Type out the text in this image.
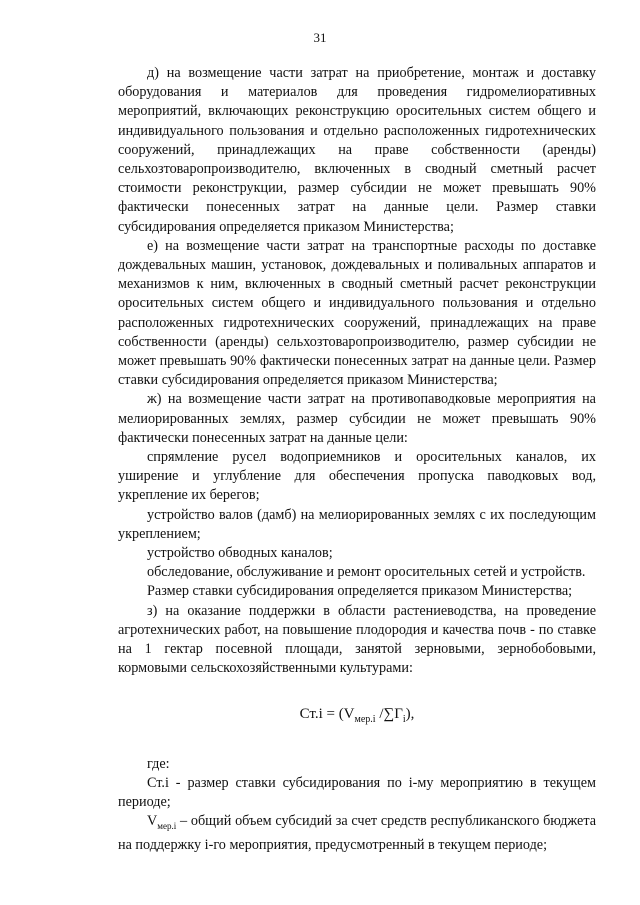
31

д) на возмещение части затрат на приобретение, монтаж и доставку оборудования и материалов для проведения гидромелиоративных мероприятий, включающих реконструкцию оросительных систем общего и индивидуального пользования и отдельно расположенных гидротехнических сооружений, принадлежащих на праве собственности (аренды) сельхозтоваропроизводителю, включенных в сводный сметный расчет стоимости реконструкции, размер субсидии не может превышать 90% фактически понесенных затрат на данные цели. Размер ставки субсидирования определяется приказом Министерства;

е) на возмещение части затрат на транспортные расходы по доставке дождевальных машин, установок, дождевальных и поливальных аппаратов и механизмов к ним, включенных в сводный сметный расчет реконструкции оросительных систем общего и индивидуального пользования и отдельно расположенных гидротехнических сооружений, принадлежащих на праве собственности (аренды) сельхозтоваропроизводителю, размер субсидии не может превышать 90% фактически понесенных затрат на данные цели. Размер ставки субсидирования определяется приказом Министерства;

ж) на возмещение части затрат на противопаводковые мероприятия на мелиорированных землях, размер субсидии не может превышать 90% фактически понесенных затрат на данные цели:

спрямление русел водоприемников и оросительных каналов, их уширение и углубление для обеспечения пропуска паводковых вод, укрепление их берегов;

устройство валов (дамб) на мелиорированных землях с их последующим укреплением;

устройство обводных каналов;

обследование, обслуживание и ремонт оросительных сетей и устройств.

Размер ставки субсидирования определяется приказом Министерства;

з) на оказание поддержки в области растениеводства, на проведение агротехнических работ, на повышение плодородия и качества почв - по ставке на 1 гектар посевной площади, занятой зерновыми, зернобобовыми, кормовыми сельскохозяйственными культурами:

$Ст.i = (V_{мер.i}$ $/\sum Г_i$),

где:

Ст.i - размер ставки субсидирования по i-му мероприятию в текущем периоде;

$V_{мер.i}$ – общий объем субсидий за счет средств республиканского бюджета на поддержку i-го мероприятия, предусмотренный в текущем периоде;
